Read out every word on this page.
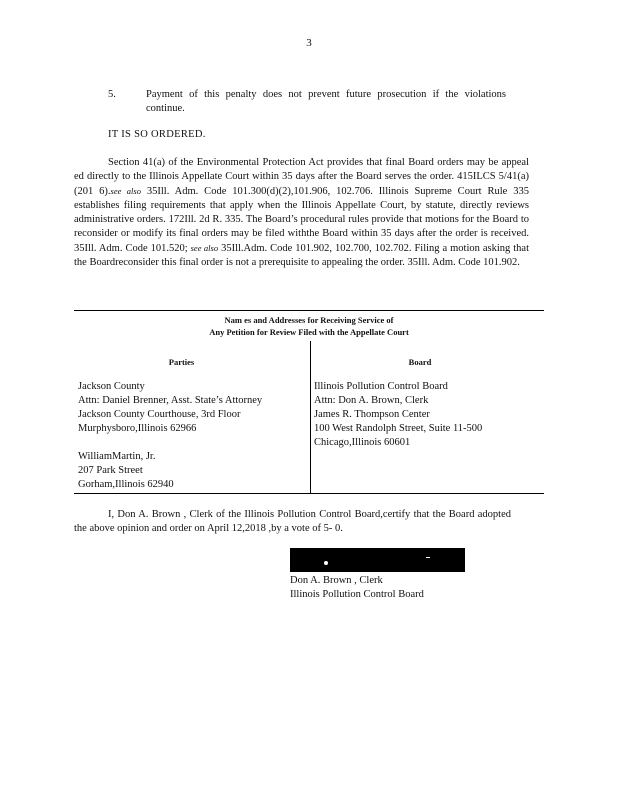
3
5.	Payment of this penalty does not prevent future prosecution if the violations continue.
IT IS SO ORDERED.
Section 41(a) of the Environmental Protection Act provides that final Board orders may be appeal ed directly to the Illinois Appellate Court within 35 days after the Board serves the order. 415ILCS 5/41(a) (201 6).see also 35Ill. Adm. Code 101.300(d)(2),101.906, 102.706. Illinois Supreme Court Rule 335 establishes filing requirements that apply when the Illinois Appellate Court, by statute, directly reviews administrative orders. 172Ill. 2d R. 335. The Board’s procedural rules provide that motions for the Board to reconsider or modify its final orders may be filed withthe Board within 35 days after the order is received. 35Ill. Adm. Code 101.520; see also 35Ill.Adm. Code 101.902, 102.700, 102.702. Filing a motion asking that the Boardreconsider this final order is not a prerequisite to appealing the order. 35Ill. Adm. Code 101.902.
Nam es and Addresses for Receiving Service of
Any Petition for Review Filed with the Appellate Court
Parties	Board
Jackson County
Attn: Daniel Brenner, Asst. State’s Attorney
Jackson County Courthouse, 3rd Floor
Murphysboro,Illinois 62966
WilliamMartin, Jr.
207 Park Street
Gorham,Illinois 62940
Illinois Pollution Control Board
Attn: Don A. Brown, Clerk
James R. Thompson Center
100 West Randolph Street, Suite 11-500
Chicago,Illinois 60601
I, Don A. Brown , Clerk of the Illinois Pollution Control Board,certify that the Board adopted the above opinion and order on April 12,2018 ,by a vote of 5- 0.
Don A. Brown , Clerk
Illinois Pollution Control Board
